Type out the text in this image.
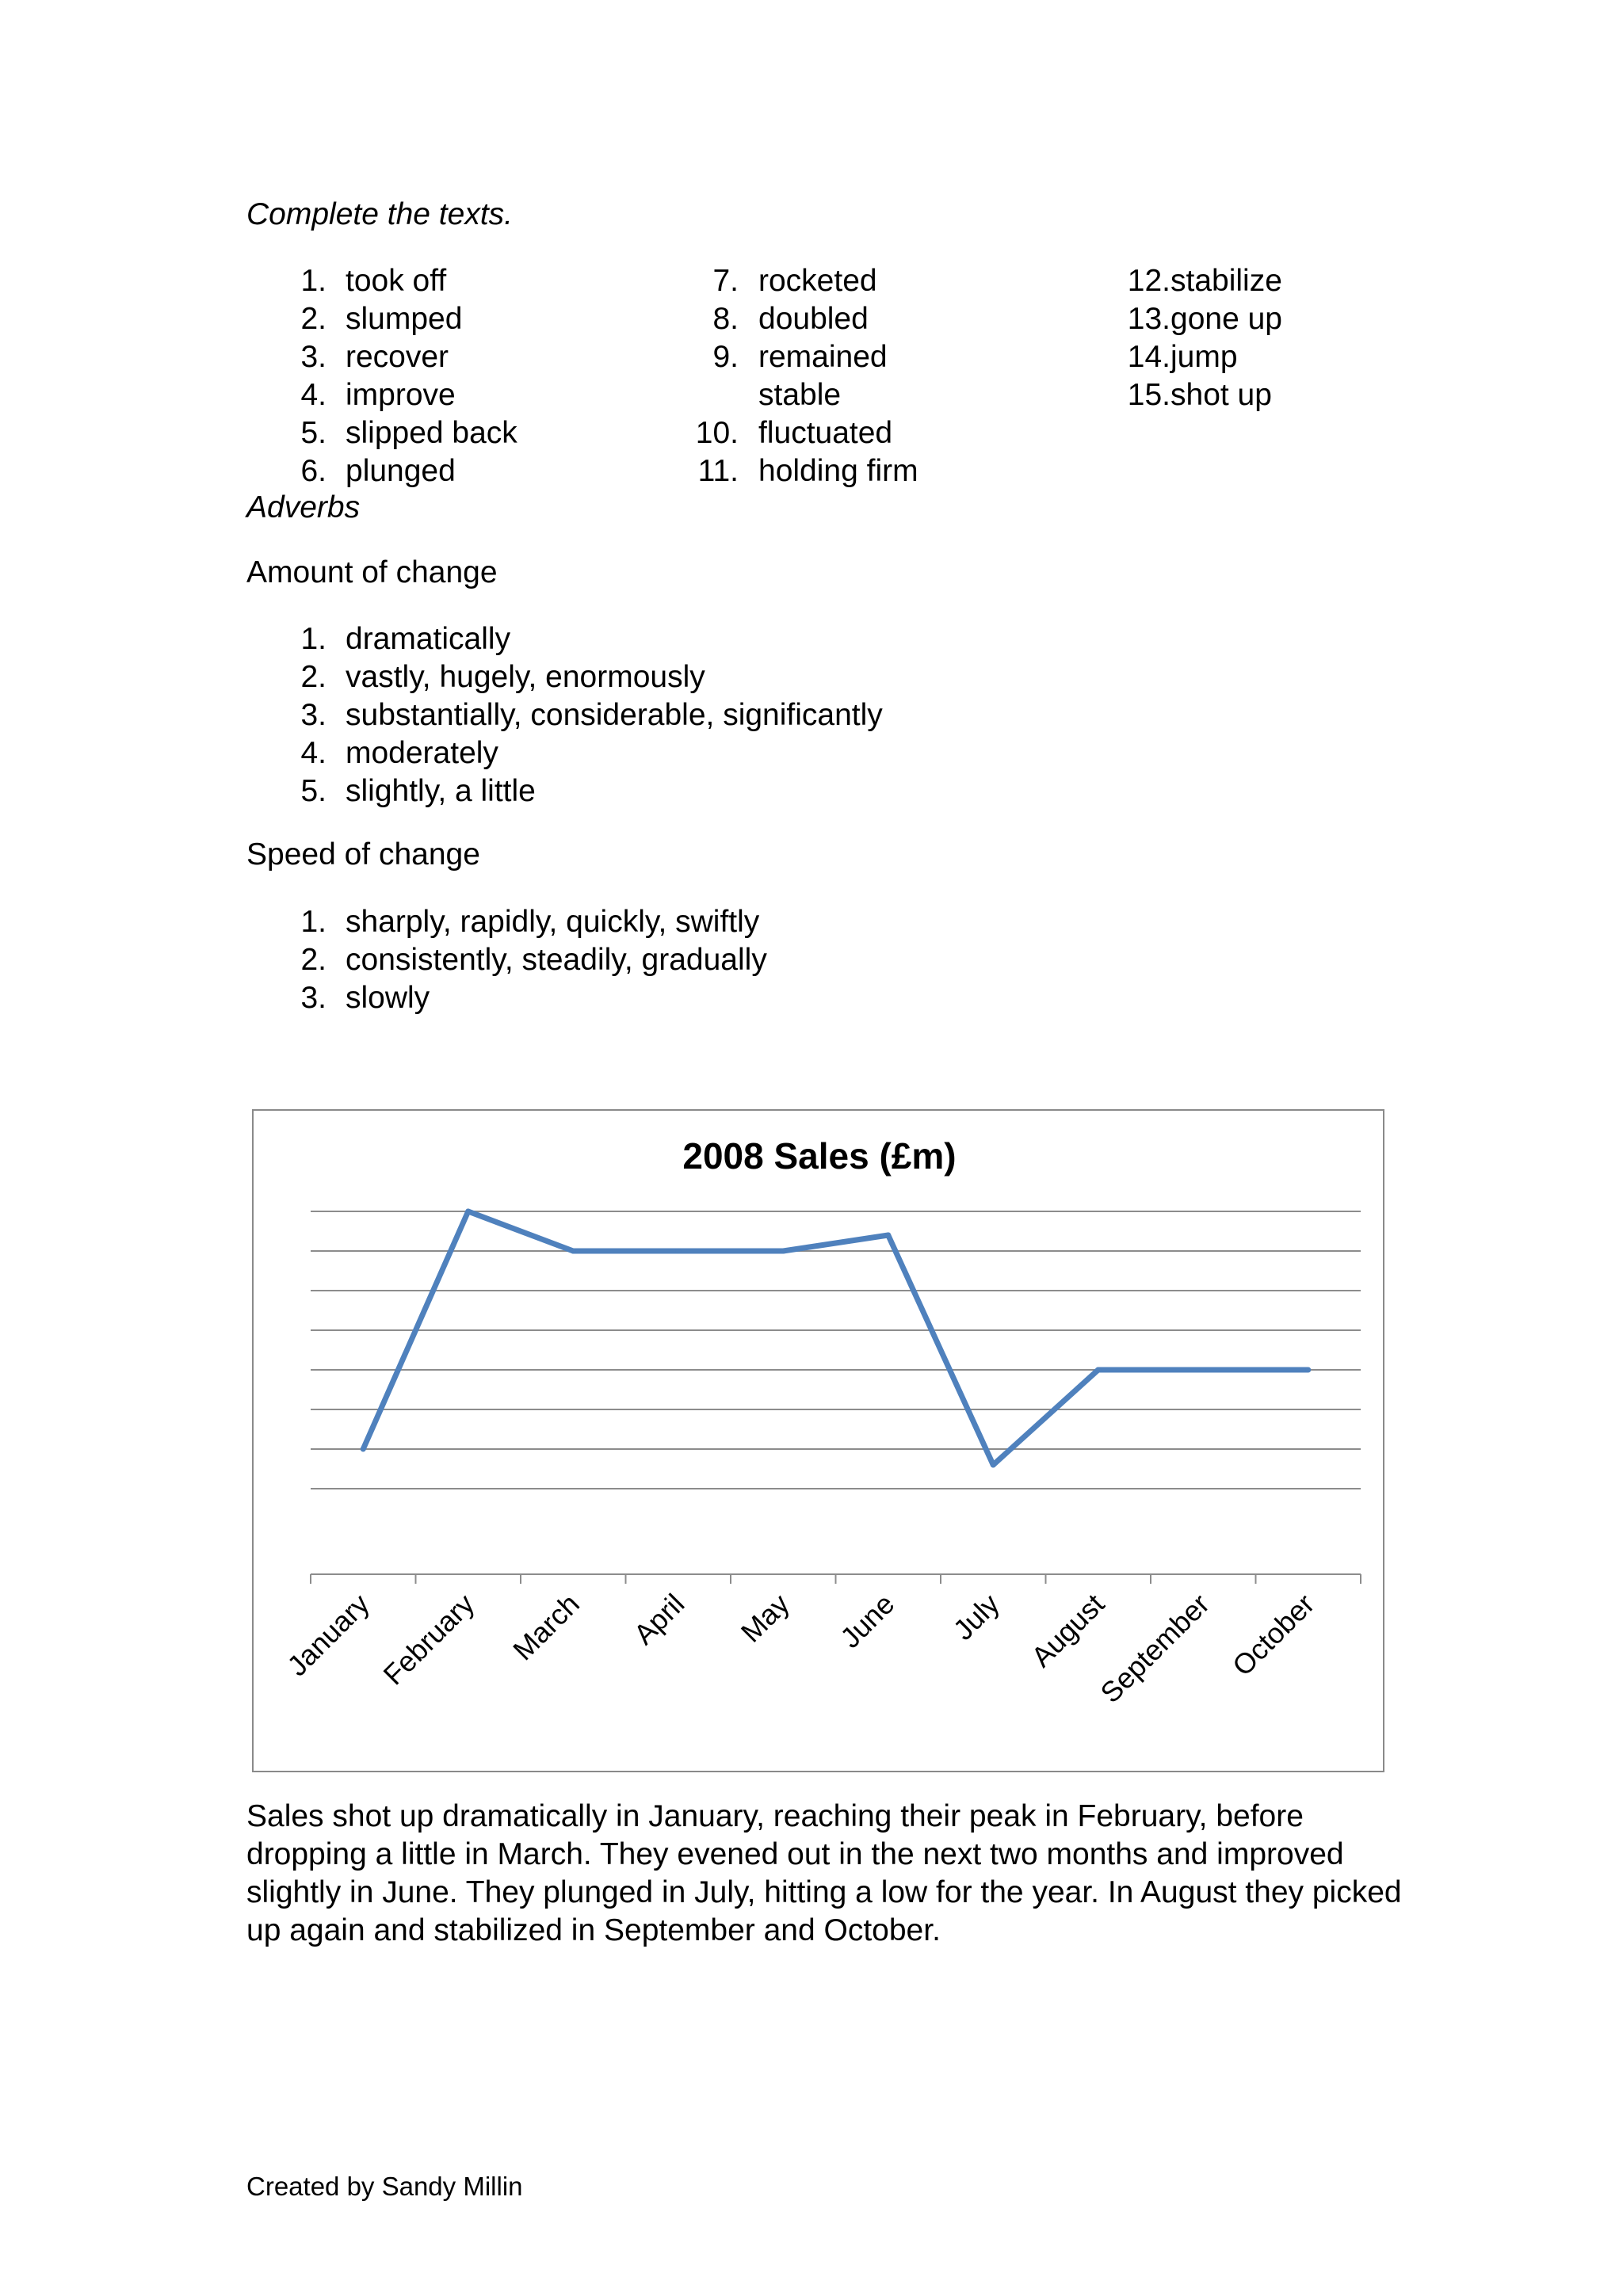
Complete the texts.
1. took off
2. slumped
3. recover
4. improve
5. slipped back
6. plunged
7. rocketed
8. doubled
9. remained
stable
10. fluctuated
11. holding firm
12. stabilize
13. gone up
14. jump
15. shot up
Adverbs
Amount of change
1. dramatically
2. vastly, hugely, enormously
3. substantially, considerable, significantly
4. moderately
5. slightly, a little
Speed of change
1. sharply, rapidly, quickly, swiftly
2. consistently, steadily, gradually
3. slowly
2008 Sales (£m)
January February March April May June July August
September October
Sales shot up dramatically in January, reaching their peak in February, before dropping a little in March. They evened out in the next two months and improved slightly in June. They plunged in July, hitting a low for the year. In August they picked up again and stabilized in September and October.
Created by Sandy Millin
